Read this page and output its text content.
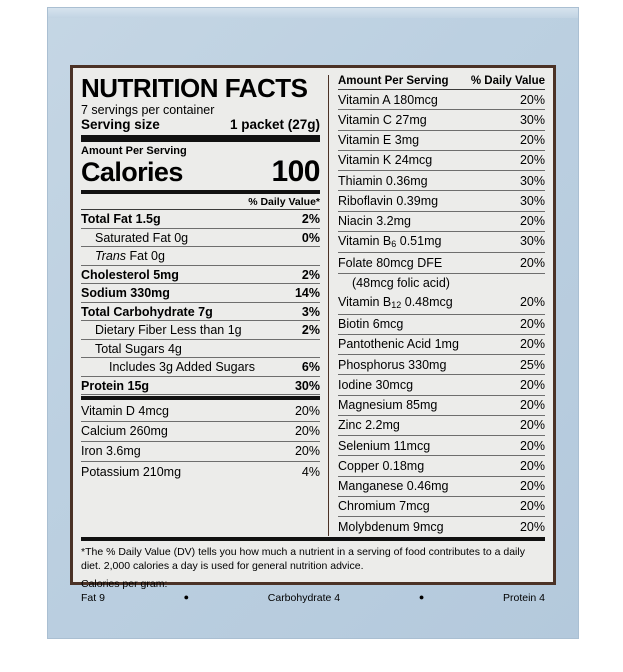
NUTRITION FACTS
7 servings per container
Serving size	1 packet (27g)
Amount Per Serving
Calories	100
% Daily Value*
Total Fat 1.5g	2%
Saturated Fat 0g	0%
Trans Fat 0g
Cholesterol 5mg	2%
Sodium 330mg	14%
Total Carbohydrate 7g	3%
Dietary Fiber Less than 1g	2%
Total Sugars 4g
Includes 3g Added Sugars	6%
Protein 15g	30%
Vitamin D 4mcg	20%
Calcium 260mg	20%
Iron 3.6mg	20%
Potassium 210mg	4%
Amount Per Serving % Daily Value
Vitamin A 180mcg	20%
Vitamin C 27mg	30%
Vitamin E 3mg	20%
Vitamin K 24mcg	20%
Thiamin 0.36mg	30%
Riboflavin 0.39mg	30%
Niacin 3.2mg	20%
Vitamin $B_6$ 0.51mg	30%
Folate 80mcg DFE	20%
(48mcg folic acid)
Vitamin $B_{12}$ 0.48mcg	20%
Biotin 6mcg	20%
Pantothenic Acid 1mg	20%
Phosphorus 330mg	25%
Iodine 30mcg	20%
Magnesium 85mg	20%
Zinc 2.2mg	20%
Selenium 11mcg	20%
Copper 0.18mg	20%
Manganese 0.46mg	20%
Chromium 7mcg	20%
Molybdenum 9mcg	20%
*The % Daily Value (DV) tells you how much a nutrient in a serving of food contributes to a daily diet. 2,000 calories a day is used for general nutrition advice.
Calories per gram:
Fat 9	●	Carbohydrate 4	●	Protein 4
